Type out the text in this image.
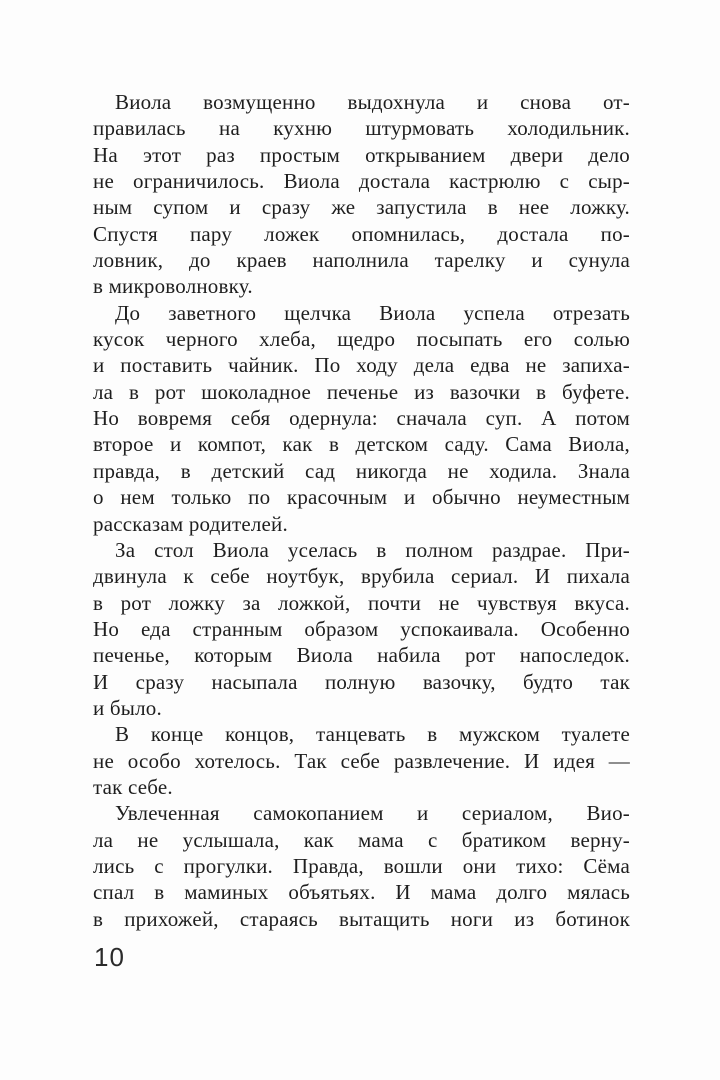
Виола возмущенно выдохнула и снова от-
правилась на кухню штурмовать холодильник.
На этот раз простым открыванием двери дело
не ограничилось. Виола достала кастрюлю с сыр-
ным супом и сразу же запустила в нее ложку.
Спустя пару ложек опомнилась, достала по-
ловник, до краев наполнила тарелку и сунула
в микроволновку.
До заветного щелчка Виола успела отрезать
кусок черного хлеба, щедро посыпать его солью
и поставить чайник. По ходу дела едва не запиха-
ла в рот шоколадное печенье из вазочки в буфете.
Но вовремя себя одернула: сначала суп. А потом
второе и компот, как в детском саду. Сама Виола,
правда, в детский сад никогда не ходила. Знала
о нем только по красочным и обычно неуместным
рассказам родителей.
За стол Виола уселась в полном раздрае. При-
двинула к себе ноутбук, врубила сериал. И пихала
в рот ложку за ложкой, почти не чувствуя вкуса.
Но еда странным образом успокаивала. Особенно
печенье, которым Виола набила рот напоследок.
И сразу насыпала полную вазочку, будто так
и было.
В конце концов, танцевать в мужском туалете
не особо хотелось. Так себе развлечение. И идея —
так себе.
Увлеченная самокопанием и сериалом, Вио-
ла не услышала, как мама с братиком верну-
лись с прогулки. Правда, вошли они тихо: Сёма
спал в маминых объятьях. И мама долго мялась
в прихожей, стараясь вытащить ноги из ботинок
10
